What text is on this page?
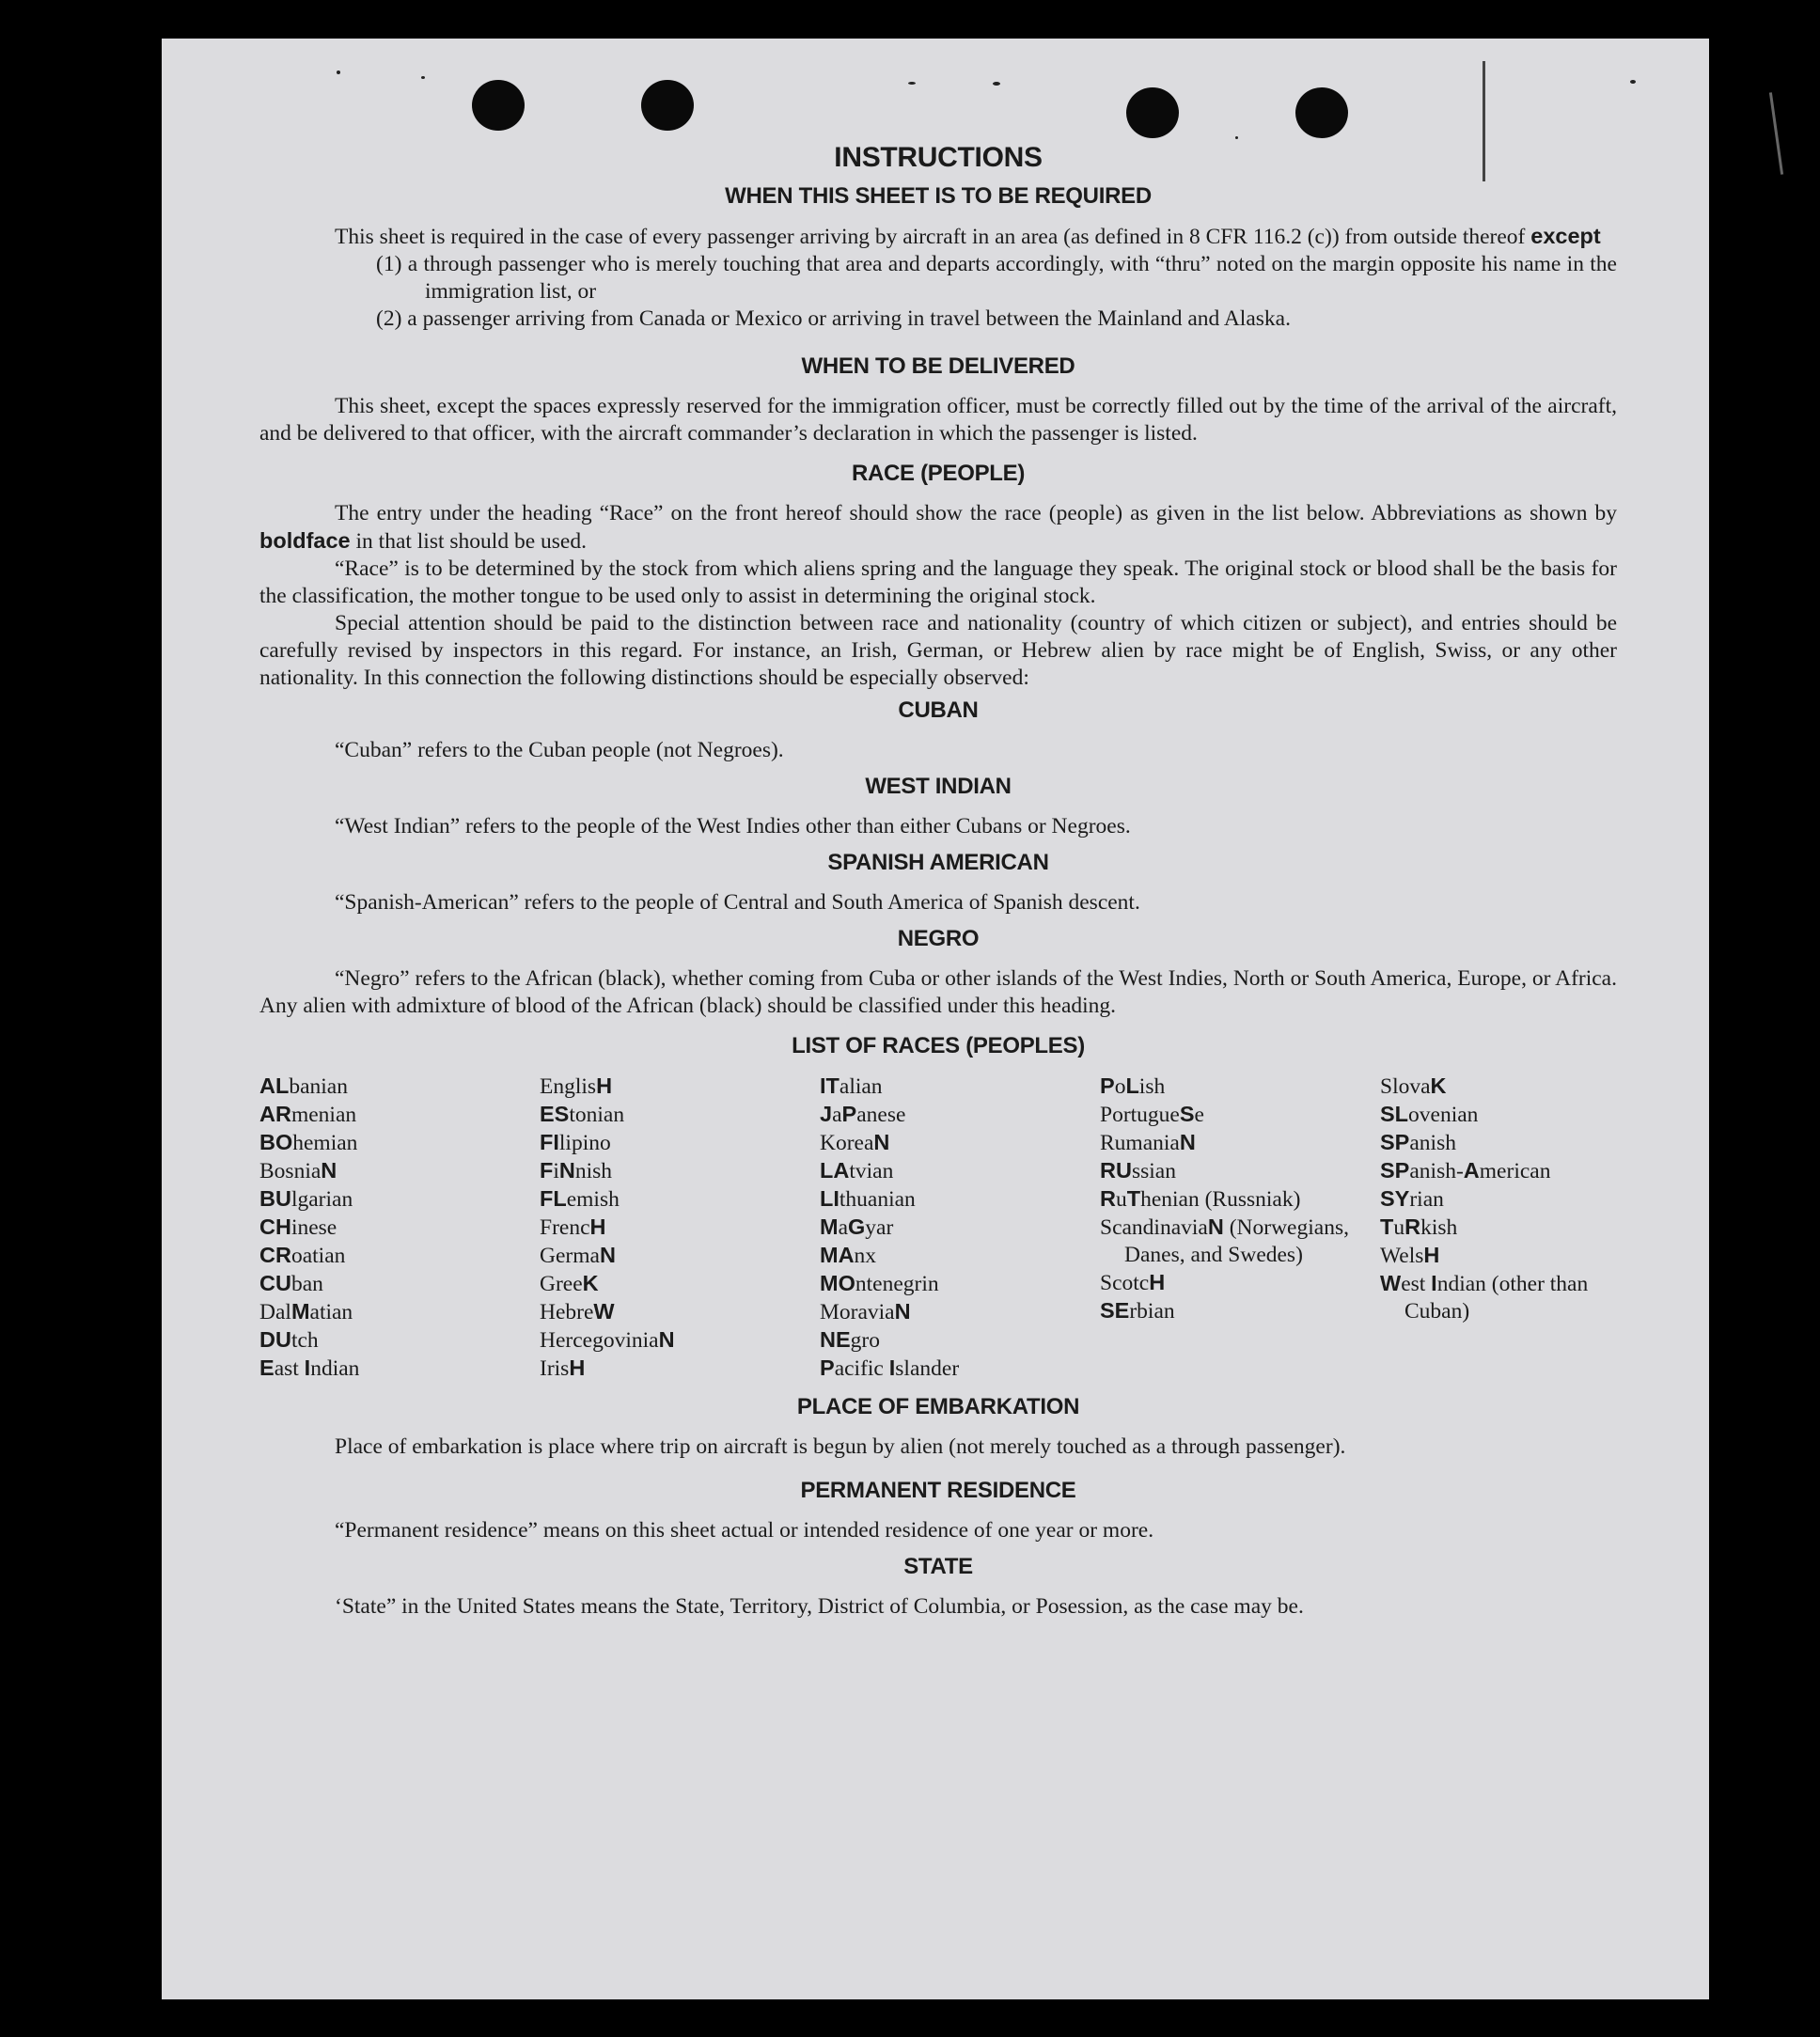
INSTRUCTIONS
WHEN THIS SHEET IS TO BE REQUIRED

This sheet is required in the case of every passenger arriving by aircraft in an area (as defined in 8 CFR 116.2 (c)) from outside thereof except

(1) a through passenger who is merely touching that area and departs accordingly, with “thru” noted on the margin opposite his name in the immigration list, or
(2) a passenger arriving from Canada or Mexico or arriving in travel between the Mainland and Alaska.
WHEN TO BE DELIVERED

This sheet, except the spaces expressly reserved for the immigration officer, must be correctly filled out by the time of the arrival of the aircraft, and be delivered to that officer, with the aircraft commander’s declaration in which the passenger is listed.

RACE (PEOPLE)

The entry under the heading “Race” on the front hereof should show the race (people) as given in the list below. Abbreviations as shown by boldface in that list should be used.

“Race” is to be determined by the stock from which aliens spring and the language they speak. The original stock or blood shall be the basis for the classification, the mother tongue to be used only to assist in determining the original stock.

Special attention should be paid to the distinction between race and nationality (country of which citizen or subject), and entries should be carefully revised by inspectors in this regard. For instance, an Irish, German, or Hebrew alien by race might be of English, Swiss, or any other nationality. In this connection the following distinctions should be especially observed:

CUBAN

“Cuban” refers to the Cuban people (not Negroes).

WEST INDIAN

“West Indian” refers to the people of the West Indies other than either Cubans or Negroes.

SPANISH AMERICAN

“Spanish-American” refers to the people of Central and South America of Spanish descent.

NEGRO

“Negro” refers to the African (black), whether coming from Cuba or other islands of the West Indies, North or South America, Europe, or Africa. Any alien with admixture of blood of the African (black) should be classified under this heading.

LIST OF RACES (PEOPLES)
ALbanian
ARmenian
BOhemian
BosniaN
BUlgarian
CHinese
CRoatian
CUban
DalMatian
DUtch
East Indian
EnglisH
EStonian
FIlipino
FiNnish
FLemish
FrencH
GermaN
GreeK
HebreW
HercegoviniaN
IrisH
ITalian
JaPanese
KoreaN
LAtvian
LIthuanian
MaGyar
MAnx
MOntenegrin
MoraviaN
NEgro
Pacific Islander
PoLish
PortugueSe
RumaniaN
RUssian
RuThenian (Russniak)
ScandinaviaN (Norwegians, Danes, and Swedes)
ScotcH
SErbian
SlovaK
SLovenian
SPanish
SPanish-American
SYrian
TuRkish
WelsH
West Indian (other than Cuban)
PLACE OF EMBARKATION

Place of embarkation is place where trip on aircraft is begun by alien (not merely touched as a through passenger).

PERMANENT RESIDENCE

“Permanent residence” means on this sheet actual or intended residence of one year or more.

STATE

‘State” in the United States means the State, Territory, District of Columbia, or Posession, as the case may be.
